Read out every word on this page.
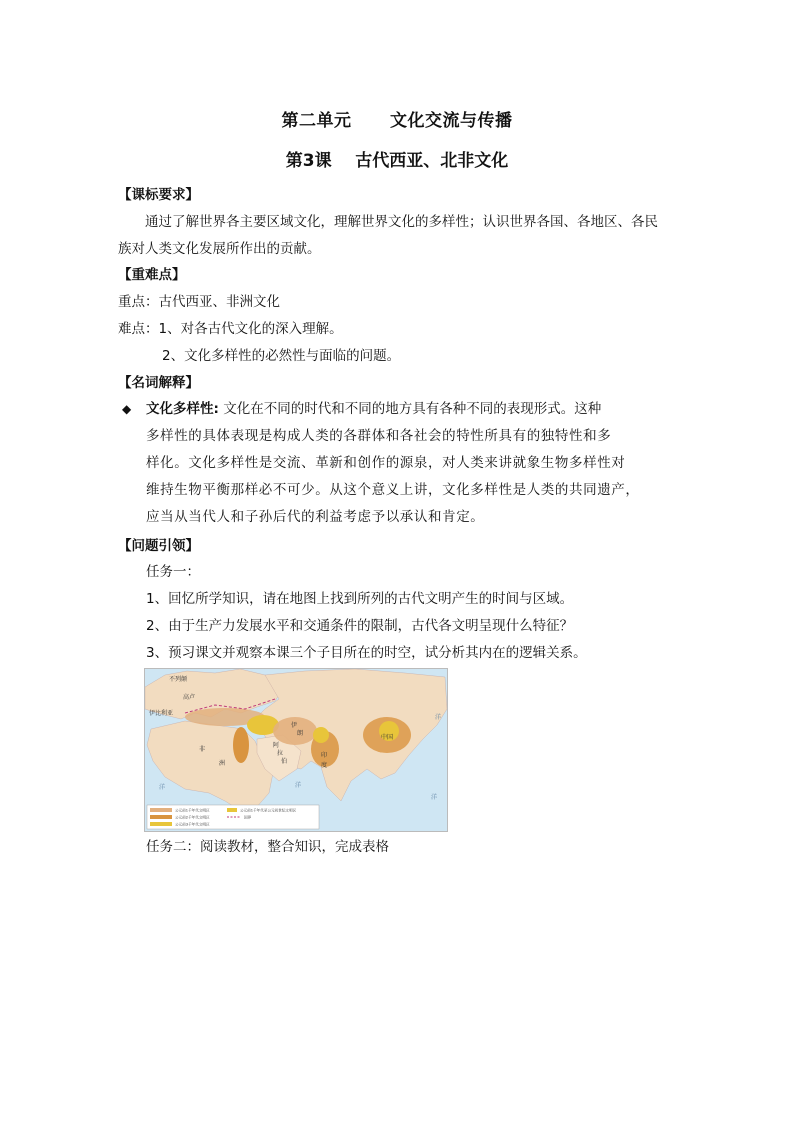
第二单元      文化交流与传播
第3课    古代西亚、北非文化
【课标要求】
通过了解世界各主要区域文化，理解世界文化的多样性；认识世界各国、各地区、各民
族对人类文化发展所作出的贡献。
【重难点】
重点：古代西亚、非洲文化
难点：1、对各古代文化的深入理解。
2、文化多样性的必然性与面临的问题。
【名词解释】
◆ 文化多样性: 文化在不同的时代和不同的地方具有各种不同的表现形式。这种
多样性的具体表现是构成人类的各群体和各社会的特性所具有的独特性和多
样化。文化多样性是交流、革新和创作的源泉，对人类来讲就象生物多样性对
维持生物平衡那样必不可少。从这个意义上讲，文化多样性是人类的共同遗产，
应当从当代人和子孙后代的利益考虑予以承认和肯定。
【问题引领】
任务一：
1、回忆所学知识，请在地图上找到所列的古代文明产生的时间与区域。
2、由于生产力发展水平和交通条件的限制，古代各文明呈现什么特征？
3、预习课文并观察本课三个子目所在的时空，试分析其内在的逻辑关系。
不列颠
高卢
伊比利亚
中国
印
度
伊
朗
阿
拉
伯
非
洲
洋
洋
洋
洋
公元前1千年代文明区
公元前2千年代文明区
公元前3千年代文明区
公元前1千年代至公元初世纪文明区
国界
任务二：阅读教材，整合知识，完成表格
